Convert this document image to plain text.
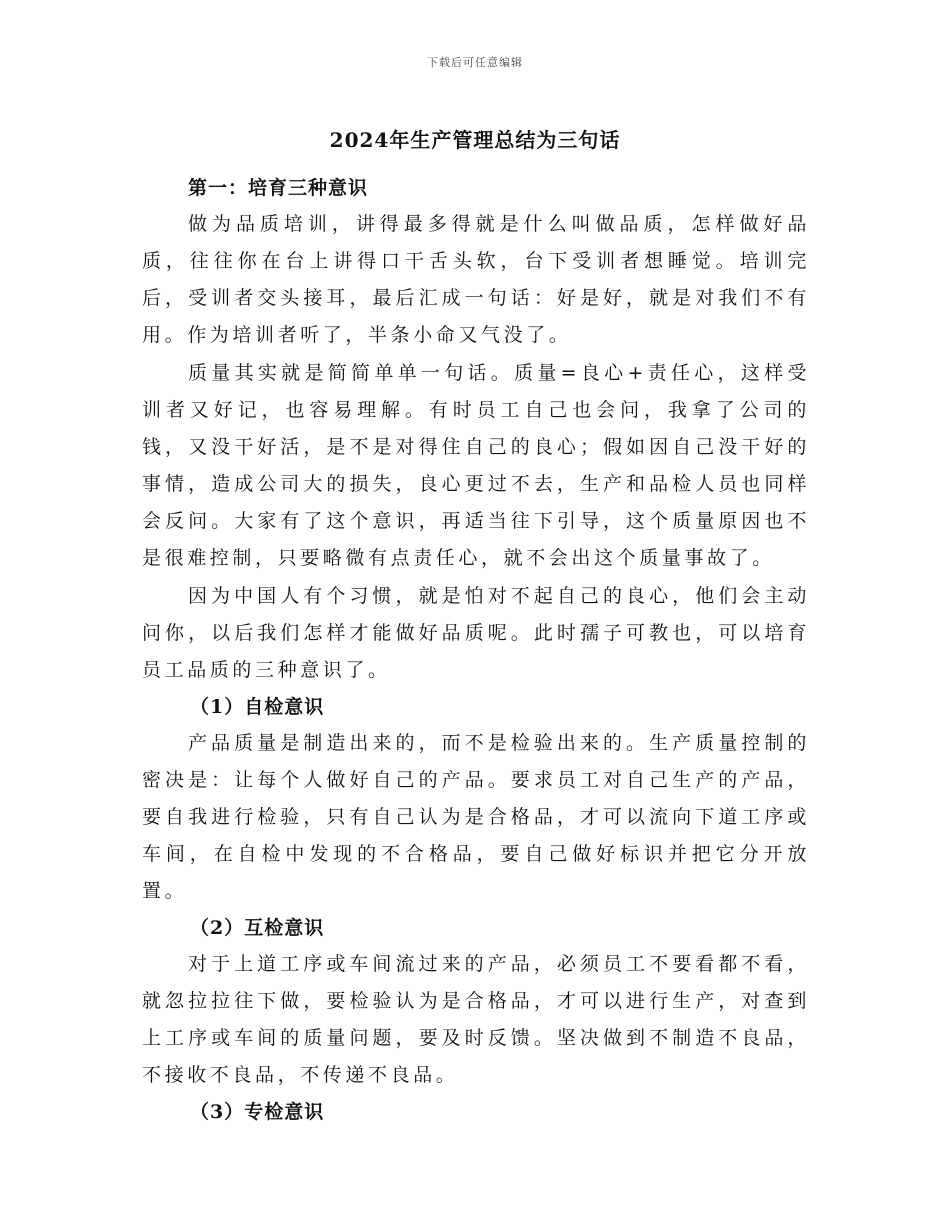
下载后可任意编辑
2024年生产管理总结为三句话

第一：培育三种意识

做为品质培训，讲得最多得就是什么叫做品质，怎样做好品质，往往你在台上讲得口干舌头软，台下受训者想睡觉。培训完后，受训者交头接耳，最后汇成一句话：好是好，就是对我们不有用。作为培训者听了，半条小命又气没了。

质量其实就是简简单单一句话。质量=良心+责任心，这样受训者又好记，也容易理解。有时员工自己也会问，我拿了公司的钱，又没干好活，是不是对得住自己的良心；假如因自己没干好的事情，造成公司大的损失，良心更过不去，生产和品检人员也同样会反问。大家有了这个意识，再适当往下引导，这个质量原因也不是很难控制，只要略微有点责任心，就不会出这个质量事故了。

因为中国人有个习惯，就是怕对不起自己的良心，他们会主动问你，以后我们怎样才能做好品质呢。此时孺子可教也，可以培育员工品质的三种意识了。

（1）自检意识

产品质量是制造出来的，而不是检验出来的。生产质量控制的密决是：让每个人做好自己的产品。要求员工对自己生产的产品，要自我进行检验，只有自己认为是合格品，才可以流向下道工序或车间，在自检中发现的不合格品，要自己做好标识并把它分开放置。

（2）互检意识

对于上道工序或车间流过来的产品，必须员工不要看都不看，就忽拉拉往下做，要检验认为是合格品，才可以进行生产，对查到上工序或车间的质量问题，要及时反馈。坚决做到不制造不良品，不接收不良品，不传递不良品。

（3）专检意识
